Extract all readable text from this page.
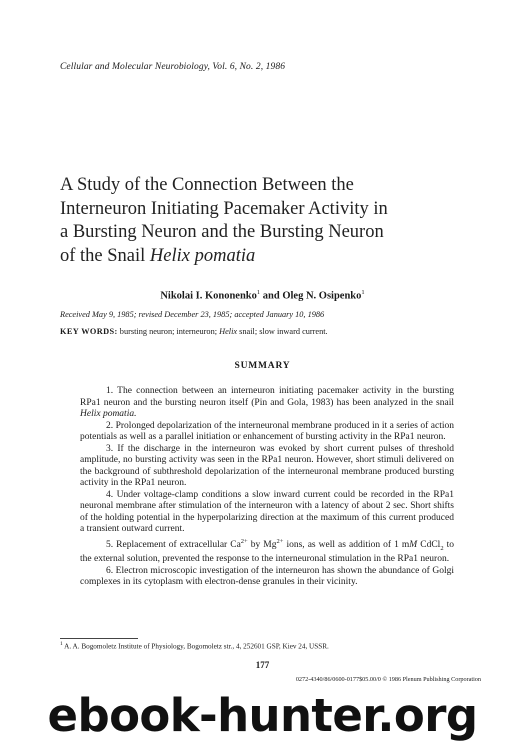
Cellular and Molecular Neurobiology, Vol. 6, No. 2, 1986
A Study of the Connection Between the
Interneuron Initiating Pacemaker Activity in
a Bursting Neuron and the Bursting Neuron
of the Snail Helix pomatia
Nikolai I. Kononenko$^1$ and Oleg N. Osipenko$^1$
Received May 9, 1985; revised December 23, 1985; accepted January 10, 1986
KEY WORDS: bursting neuron; interneuron; Helix snail; slow inward current.
SUMMARY

1. The connection between an interneuron initiating pacemaker activity in the bursting RPa1 neuron and the bursting neuron itself (Pin and Gola, 1983) has been analyzed in the snail Helix pomatia.

2. Prolonged depolarization of the interneuronal membrane produced in it a series of action potentials as well as a parallel initiation or enhancement of bursting activity in the RPa1 neuron.

3. If the discharge in the interneuron was evoked by short current pulses of threshold amplitude, no bursting activity was seen in the RPa1 neuron. However, short stimuli delivered on the background of subthreshold depolarization of the interneuronal membrane produced bursting activity in the RPa1 neuron.

4. Under voltage-clamp conditions a slow inward current could be recorded in the RPa1 neuronal membrane after stimulation of the interneuron with a latency of about 2 sec. Short shifts of the holding potential in the hyperpolarizing direction at the maximum of this current produced a transient outward current.

5. Replacement of extracellular $Ca^{2+}$ by $Mg^{2+}$ ions, as well as addition of 1 mM CdCl$_2$ to the external solution, prevented the response to the interneuronal stimulation in the RPa1 neuron.

6. Electron microscopic investigation of the interneuron has shown the abundance of Golgi complexes in its cytoplasm with electron-dense granules in their vicinity.

$^1$ A. A. Bogomoletz Institute of Physiology, Bogomoletz str., 4, 252601 GSP, Kiev 24, USSR.
177
0272-4340/86/0600-0177$05.00/0 © 1986 Plenum Publishing Corporation
ebook-hunter.org
